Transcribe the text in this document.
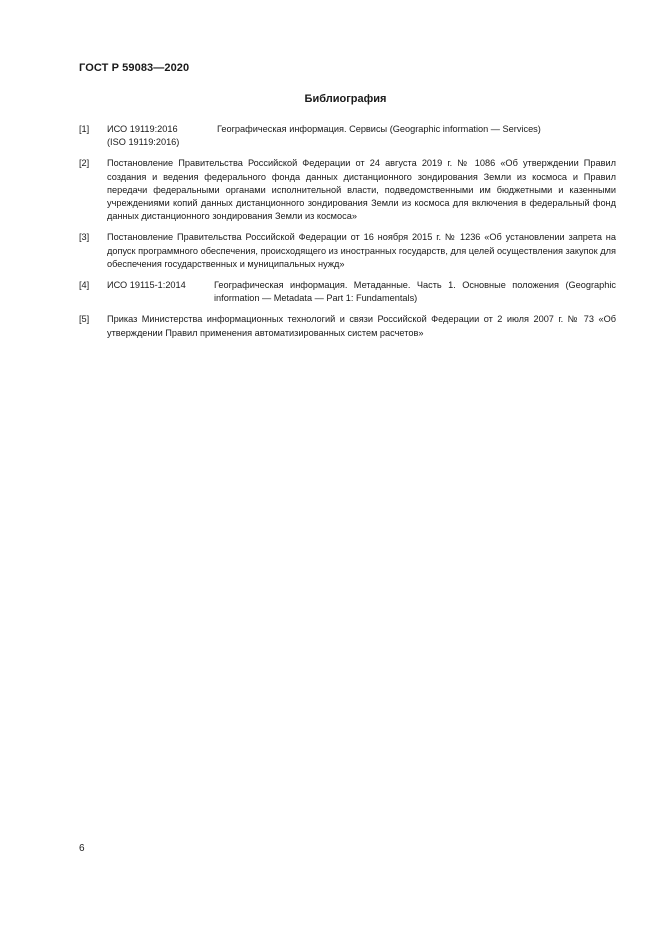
ГОСТ Р 59083—2020
Библиография
[1] ИСО 19119:2016
(ISO 19119:2016)
Географическая информация. Сервисы (Geographic information — Services)
[2] Постановление Правительства Российской Федерации от 24 августа 2019 г. № 1086 «Об утверждении Правил создания и ведения федерального фонда данных дистанционного зондирования Земли из космоса и Правил передачи федеральными органами исполнительной власти, подведомственными им бюджетными и казенными учреждениями копий данных дистанционного зондирования Земли из космоса для включения в федеральный фонд данных дистанционного зондирования Земли из космоса»
[3] Постановление Правительства Российской Федерации от 16 ноября 2015 г. № 1236 «Об установлении запрета на допуск программного обеспечения, происходящего из иностранных государств, для целей осуществления закупок для обеспечения государственных и муниципальных нужд»
[4] ИСО 19115-1:2014	Географическая информация. Метаданные. Часть 1. Основные положения (Geographic information — Metadata — Part 1: Fundamentals)
[5] Приказ Министерства информационных технологий и связи Российской Федерации от 2 июля 2007 г. № 73 «Об утверждении Правил применения автоматизированных систем расчетов»
6
